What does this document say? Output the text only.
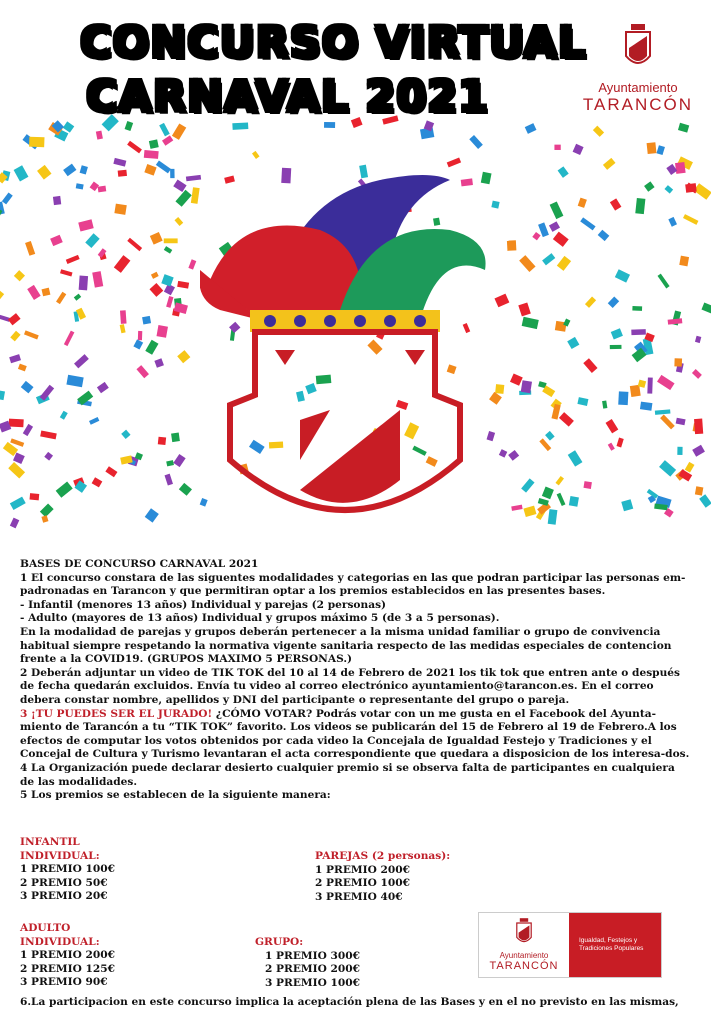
CONCURSO VIRTUAL
CARNAVAL 2021	Ayuntamiento
TARANCÓN

BASES DE CONCURSO CARNAVAL 2021

1 El concurso constara de las siguentes modalidades y categorias en las que podran participar las personas em-padronadas en Tarancon y que permitiran optar a los premios establecidos en las presentes bases.

- Infantil (menores 13 años) Individual y parejas (2 personas)

- Adulto (mayores de 13 años) Individual y grupos máximo 5 (de 3 a 5 personas).

En la modalidad de parejas y grupos deberán pertenecer a la misma unidad familiar o grupo de convivencia habitual siempre respetando la normativa vigente sanitaria respecto de las medidas especiales de contencion frente a la COVID19. (GRUPOS MAXIMO 5 PERSONAS.)

2 Deberán adjuntar un video de TIK TOK del 10 al 14 de Febrero de 2021 los tik tok que entren ante o después de fecha quedarán excluidos. Envía tu video al correo electrónico ayuntamiento@tarancon.es. En el correo debera constar nombre, apellidos y DNI del participante o representante del grupo o pareja.

3 ¡TU PUEDES SER EL JURADO! ¿CÓMO VOTAR? Podrás votar con un me gusta en el Facebook del Ayunta-miento de Tarancón a tu “TIK TOK” favorito. Los videos se publicarán del 15 de Febrero al 19 de Febrero.A los efectos de computar los votos obtenidos por cada video la Concejala de Igualdad Festejo y Tradiciones y el Concejal de Cultura y Turismo levantaran el acta correspondiente que quedara a disposicion de los interesa-dos.

4 La Organización puede declarar desierto cualquier premio si se observa falta de participantes en cualquiera de las modalidades.

5 Los premios se establecen de la siguiente manera:

INFANTIL
INDIVIDUAL:
1 PREMIO 100€
2 PREMIO 50€
3 PREMIO 20€
PAREJAS (2 personas):
1 PREMIO 200€
2 PREMIO 100€
3 PREMIO 40€
ADULTO
INDIVIDUAL:
1 PREMIO 200€
2 PREMIO 125€
3 PREMIO 90€
GRUPO:
1 PREMIO 300€
2 PREMIO 200€
3 PREMIO 100€
Ayuntamiento
TARANCÓN
Igualdad, Festejos y
Tradiciones Populares
6.La participacion en este concurso implica la aceptación plena de las Bases y en el no previsto en las mismas,
